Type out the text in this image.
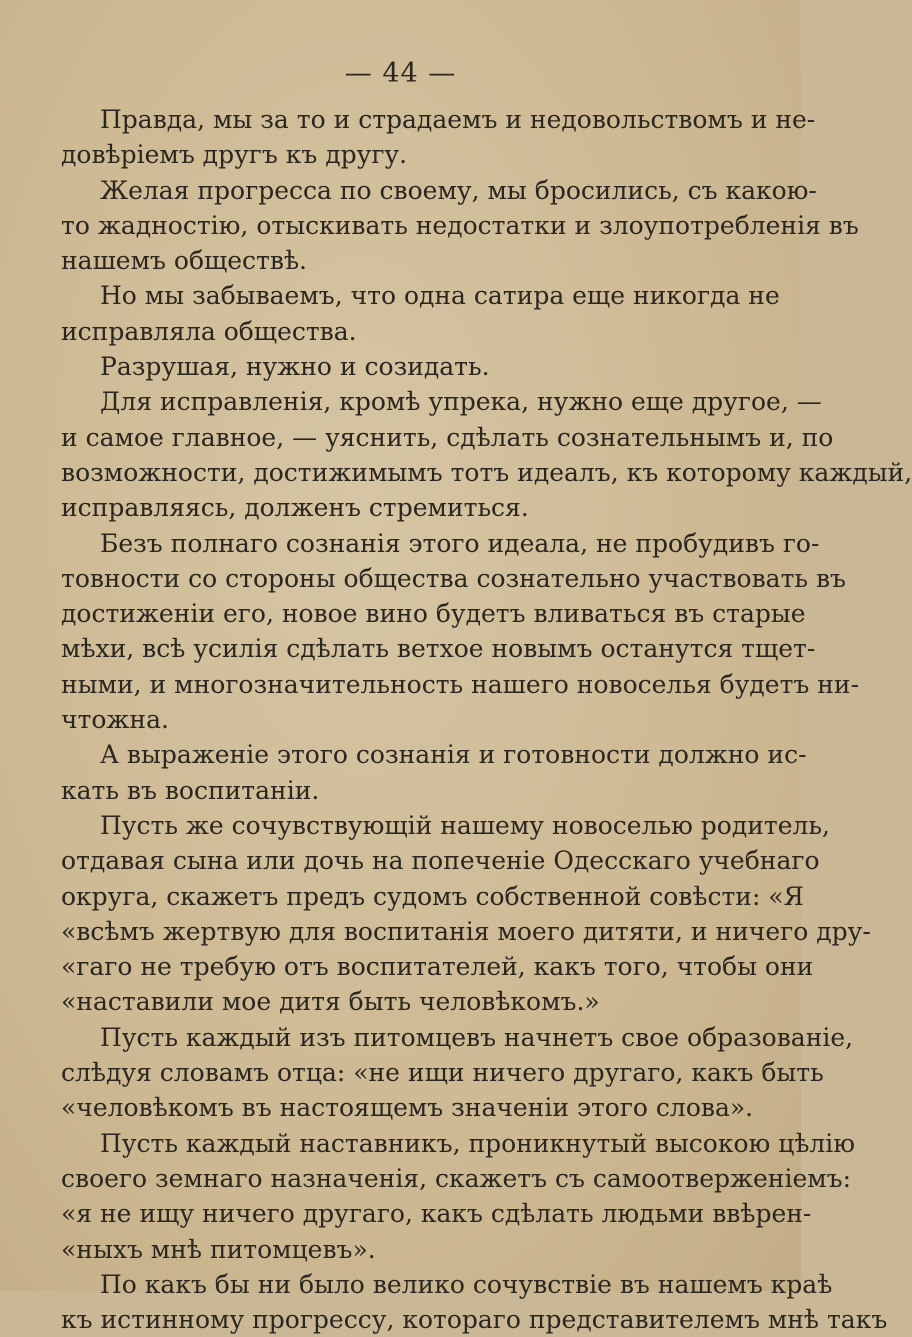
— 44 —
Правда, мы за то и страдаемъ и недовольствомъ и не-
довѣріемъ другъ къ другу.
Желая прогресса по своему, мы бросились, съ какою-
то жадностію, отыскивать недостатки и злоупотребленія въ
нашемъ обществѣ.
Но мы забываемъ, что одна сатира еще никогда не
исправляла общества.
Разрушая, нужно и созидать.
Для исправленія, кромѣ упрека, нужно еще другое, —
и самое главное, — уяснить, сдѣлать сознательнымъ и, по
возможности, достижимымъ тотъ идеалъ, къ которому каждый,
исправляясь, долженъ стремиться.
Безъ полнаго сознанія этого идеала, не пробудивъ го-
товности со стороны общества сознательно участвовать въ
достиженіи его, новое вино будетъ вливаться въ старые
мѣхи, всѣ усилія сдѣлать ветхое новымъ останутся тщет-
ными, и многозначительность нашего новоселья будетъ ни-
чтожна.
А выраженіе этого сознанія и готовности должно ис-
кать въ воспитаніи.
Пусть же сочувствующій нашему новоселью родитель,
отдавая сына или дочь на попеченіе Одесскаго учебнаго
округа, скажетъ предъ судомъ собственной совѣсти: «Я
«всѣмъ жертвую для воспитанія моего дитяти, и ничего дру-
«гаго не требую отъ воспитателей, какъ того, чтобы они
«наставили мое дитя быть человѣкомъ.»
Пусть каждый изъ питомцевъ начнетъ свое образованіе,
слѣдуя словамъ отца: «не ищи ничего другаго, какъ быть
«человѣкомъ въ настоящемъ значеніи этого слова».
Пусть каждый наставникъ, проникнутый высокою цѣлію
своего земнаго назначенія, скажетъ съ самоотверженіемъ:
«я не ищу ничего другаго, какъ сдѣлать людьми ввѣрен-
«ныхъ мнѣ питомцевъ».
По какъ бы ни было велико сочувствіе въ нашемъ краѣ
къ истинному прогрессу, котораго представителемъ мнѣ такъ
